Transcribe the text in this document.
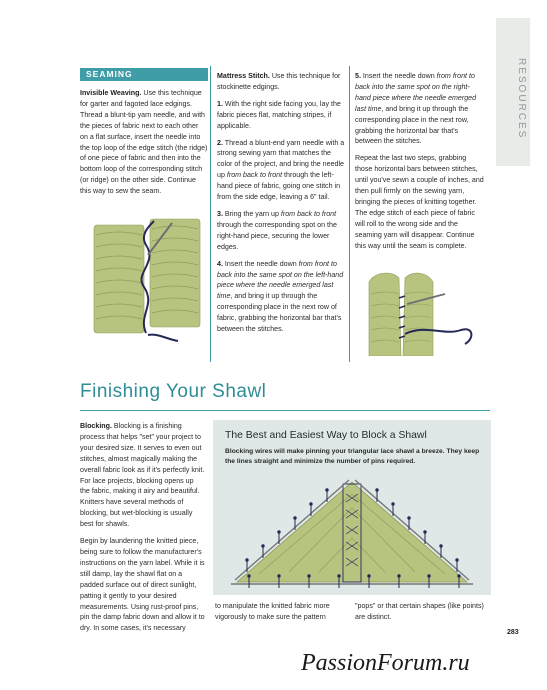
RESOURCES
SEAMING

Invisible Weaving. Use this technique for garter and fagoted lace edgings. Thread a blunt-tip yarn needle, and with the pieces of fabric next to each other on a flat surface, insert the needle into the top loop of the edge stitch (the ridge) of one piece of fabric and then into the bottom loop of the corresponding stitch (or ridge) on the other side. Continue this way to sew the seam.

Mattress Stitch. Use this technique for stockinette edgings.

1. With the right side facing you, lay the fabric pieces flat, matching stripes, if applicable.

2. Thread a blunt-end yarn needle with a strong sewing yarn that matches the color of the project, and bring the needle up from back to front through the left-hand piece of fabric, going one stitch in from the side edge, leaving a 6" tail.

3. Bring the yarn up from back to front through the corresponding spot on the right-hand piece, securing the lower edges.

4. Insert the needle down from front to back into the same spot on the left-hand piece where the needle emerged last time, and bring it up through the corresponding place in the next row of fabric, grabbing the horizontal bar that's between the stitches.

5. Insert the needle down from front to back into the same spot on the right-hand piece where the needle emerged last time, and bring it up through the corresponding place in the next row, grabbing the horizontal bar that's between the stitches.

Repeat the last two steps, grabbing those horizontal bars between stitches, until you've sewn a couple of inches, and then pull firmly on the sewing yarn, bringing the pieces of knitting together. The edge stitch of each piece of fabric will roll to the wrong side and the seaming yarn will disappear. Continue this way until the seam is complete.

Finishing Your Shawl

Blocking. Blocking is a finishing process that helps "set" your project to your desired size. It serves to even out stitches, almost magically making the overall fabric look as if it's perfectly knit. For lace projects, blocking opens up the fabric, making it airy and beautiful. Knitters have several methods of blocking, but wet-blocking is usually best for shawls.

Begin by laundering the knitted piece, being sure to follow the manufacturer's instructions on the yarn label. While it is still damp, lay the shawl flat on a padded surface out of direct sunlight, patting it gently to your desired measurements. Using rust-proof pins, pin the damp fabric down and allow it to dry. In some cases, it's necessary

The Best and Easiest Way to Block a Shawl
Blocking wires will make pinning your triangular lace shawl a breeze. They keep the lines straight and minimize the number of pins required.

to manipulate the knitted fabric more vigorously to make sure the pattern

"pops" or that certain shapes (like points) are distinct.

283
PassionForum.ru
